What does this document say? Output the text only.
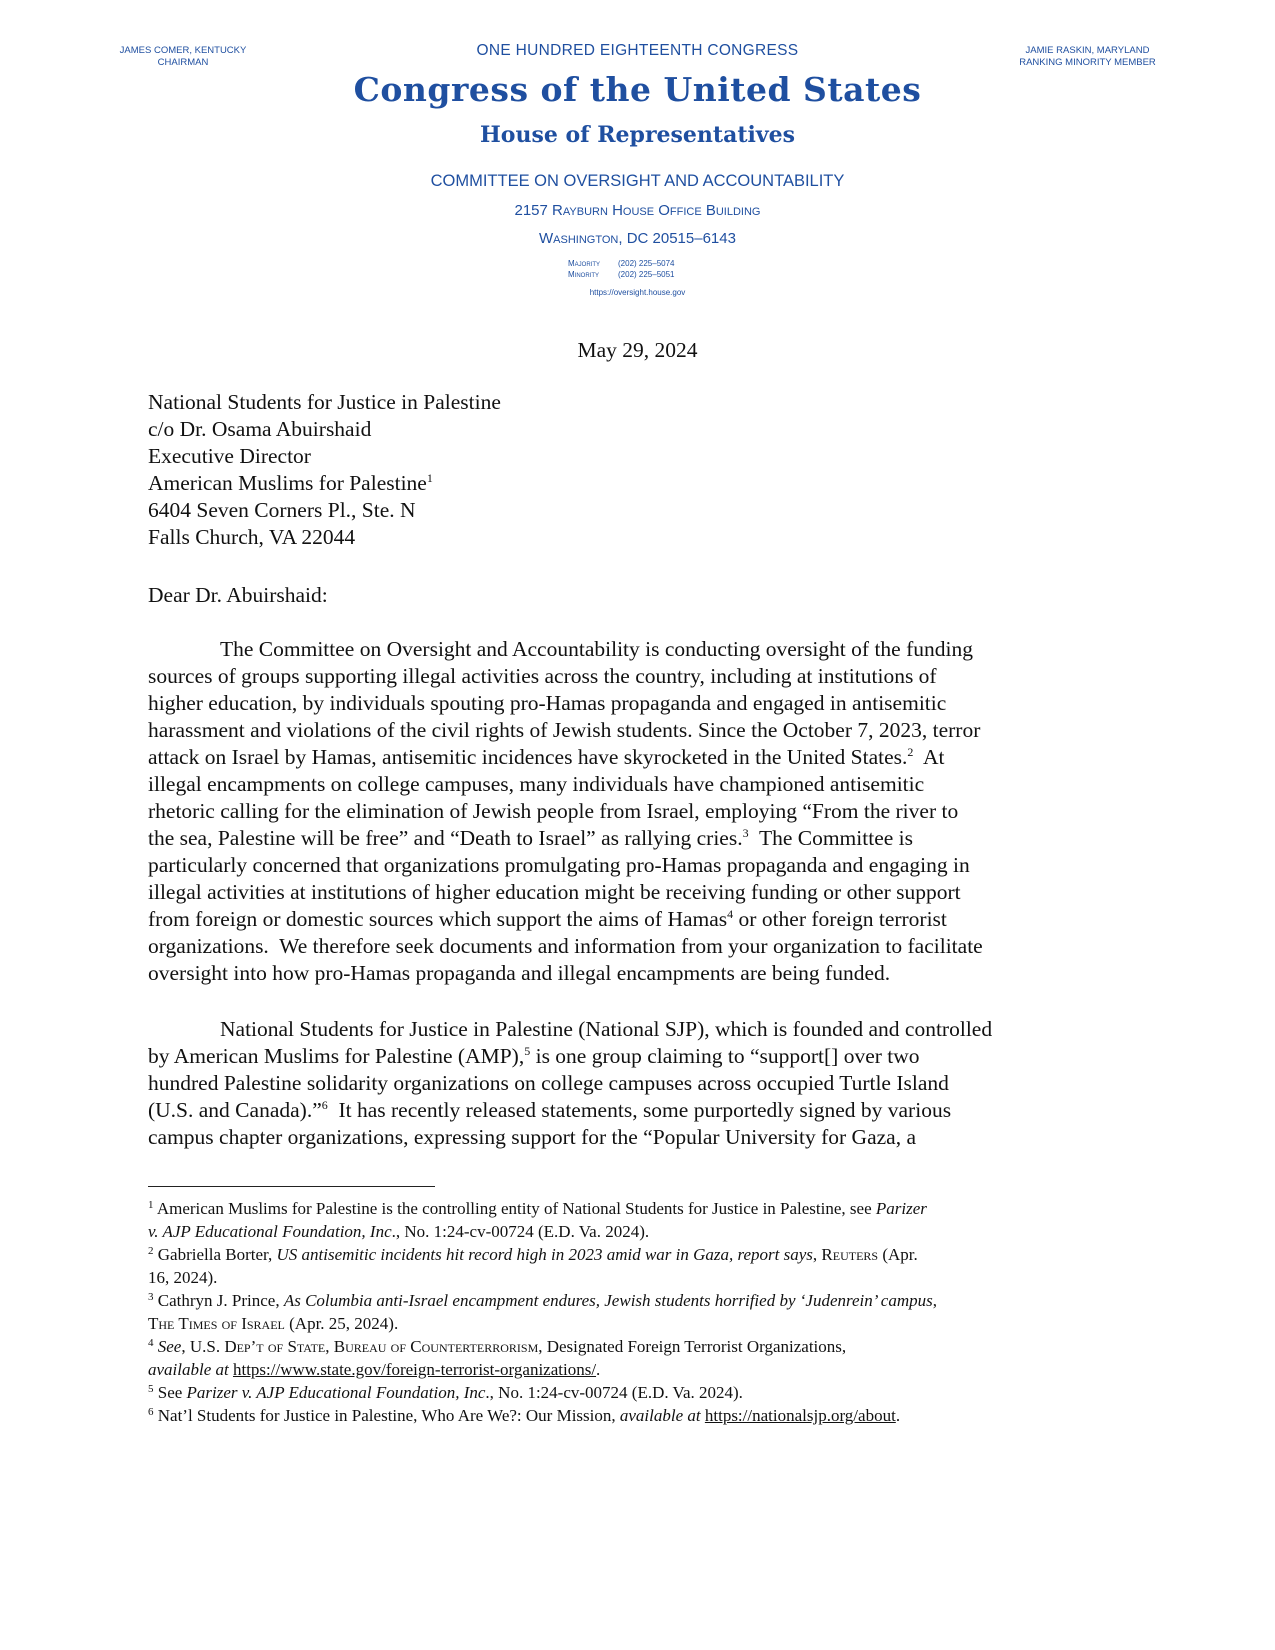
JAMES COMER, KENTUCKY
CHAIRMAN
JAMIE RASKIN, MARYLAND
RANKING MINORITY MEMBER
ONE HUNDRED EIGHTEENTH CONGRESS
Congress of the United States
House of Representatives
COMMITTEE ON OVERSIGHT AND ACCOUNTABILITY
2157 Rayburn House Office Building
Washington, DC 20515–6143
Majority (202) 225–5074
Minority (202) 225–5051
https://oversight.house.gov
May 29, 2024
National Students for Justice in Palestine
c/o Dr. Osama Abuirshaid
Executive Director
American Muslims for Palestine$^1$
6404 Seven Corners Pl., Ste. N
Falls Church, VA 22044
Dear Dr. Abuirshaid:
The Committee on Oversight and Accountability is conducting oversight of the funding
sources of groups supporting illegal activities across the country, including at institutions of
higher education, by individuals spouting pro-Hamas propaganda and engaged in antisemitic
harassment and violations of the civil rights of Jewish students. Since the October 7, 2023, terror
attack on Israel by Hamas, antisemitic incidences have skyrocketed in the United States.$^2$  At
illegal encampments on college campuses, many individuals have championed antisemitic
rhetoric calling for the elimination of Jewish people from Israel, employing “From the river to
the sea, Palestine will be free” and “Death to Israel” as rallying cries.$^3$  The Committee is
particularly concerned that organizations promulgating pro-Hamas propaganda and engaging in
illegal activities at institutions of higher education might be receiving funding or other support
from foreign or domestic sources which support the aims of Hamas$^4$ or other foreign terrorist
organizations.  We therefore seek documents and information from your organization to facilitate
oversight into how pro-Hamas propaganda and illegal encampments are being funded.
National Students for Justice in Palestine (National SJP), which is founded and controlled
by American Muslims for Palestine (AMP),$^5$ is one group claiming to “support[] over two
hundred Palestine solidarity organizations on college campuses across occupied Turtle Island
(U.S. and Canada).”$^6$  It has recently released statements, some purportedly signed by various
campus chapter organizations, expressing support for the “Popular University for Gaza, a
$^1$ American Muslims for Palestine is the controlling entity of National Students for Justice in Palestine, see Parizer
v. AJP Educational Foundation, Inc., No. 1:24-cv-00724 (E.D. Va. 2024).
$^2$ Gabriella Borter, US antisemitic incidents hit record high in 2023 amid war in Gaza, report says, Reuters (Apr.
16, 2024).
$^3$ Cathryn J. Prince, As Columbia anti-Israel encampment endures, Jewish students horrified by ‘Judenrein’ campus,
The Times of Israel (Apr. 25, 2024).
$^4$ See, U.S. Dep’t of State, Bureau of Counterterrorism, Designated Foreign Terrorist Organizations,
available at https://www.state.gov/foreign-terrorist-organizations/.
$^5$ See Parizer v. AJP Educational Foundation, Inc., No. 1:24-cv-00724 (E.D. Va. 2024).
$^6$ Nat’l Students for Justice in Palestine, Who Are We?: Our Mission, available at https://nationalsjp.org/about.
